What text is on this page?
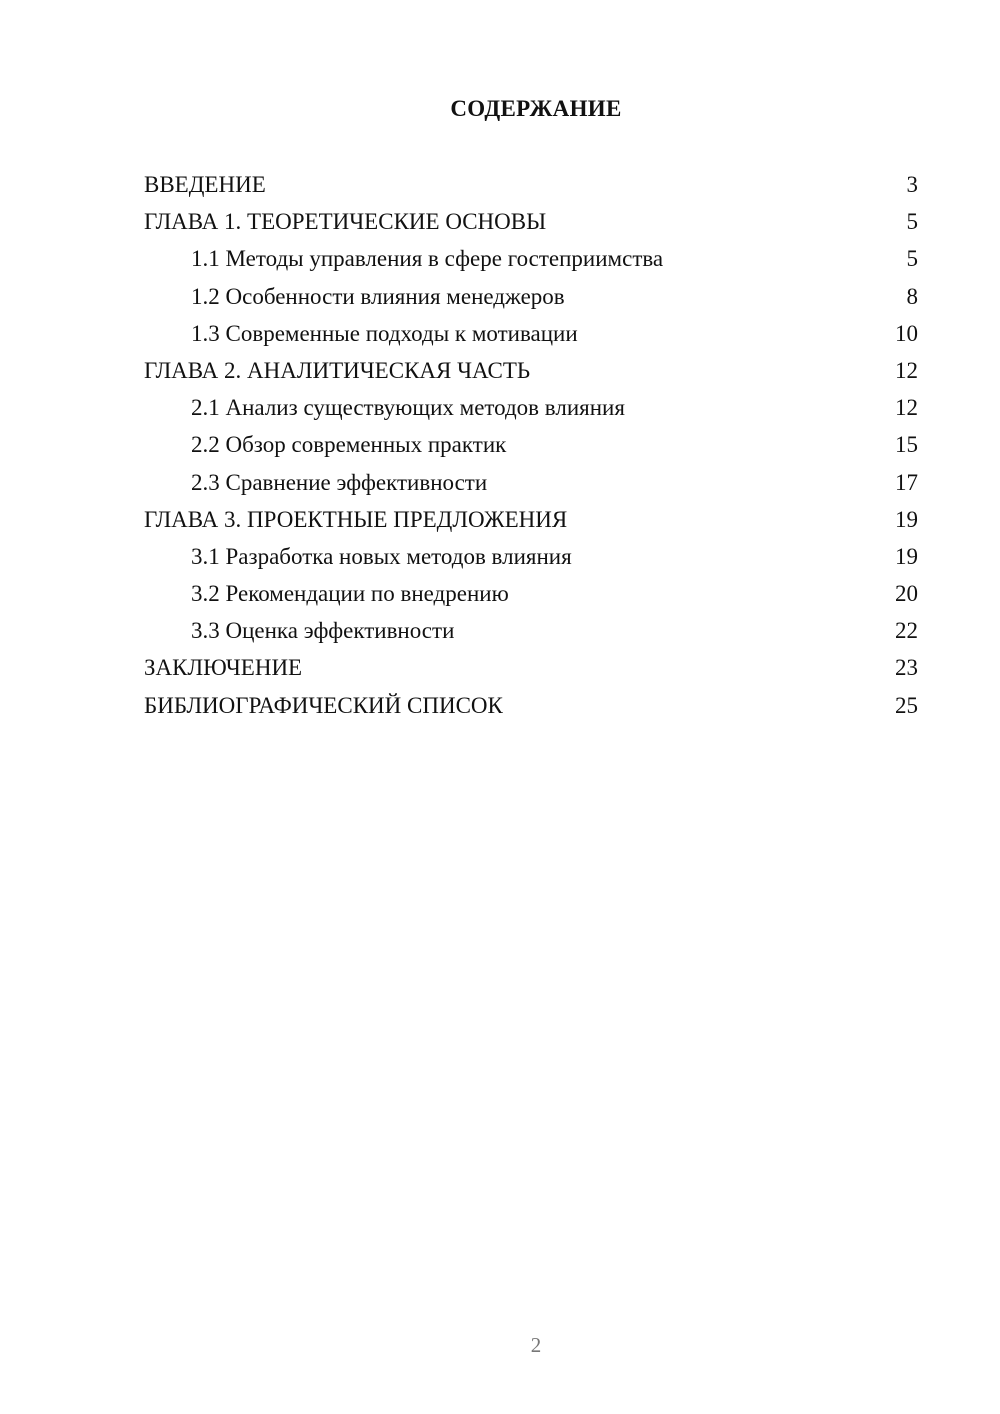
СОДЕРЖАНИЕ
ВВЕДЕНИЕ	3
ГЛАВА 1. ТЕОРЕТИЧЕСКИЕ ОСНОВЫ	5
1.1 Методы управления в сфере гостеприимства	5
1.2 Особенности влияния менеджеров	8
1.3 Современные подходы к мотивации	10
ГЛАВА 2. АНАЛИТИЧЕСКАЯ ЧАСТЬ	12
2.1 Анализ существующих методов влияния	12
2.2 Обзор современных практик	15
2.3 Сравнение эффективности	17
ГЛАВА 3. ПРОЕКТНЫЕ ПРЕДЛОЖЕНИЯ	19
3.1 Разработка новых методов влияния	19
3.2 Рекомендации по внедрению	20
3.3 Оценка эффективности	22
ЗАКЛЮЧЕНИЕ	23
БИБЛИОГРАФИЧЕСКИЙ СПИСОК	25
2
